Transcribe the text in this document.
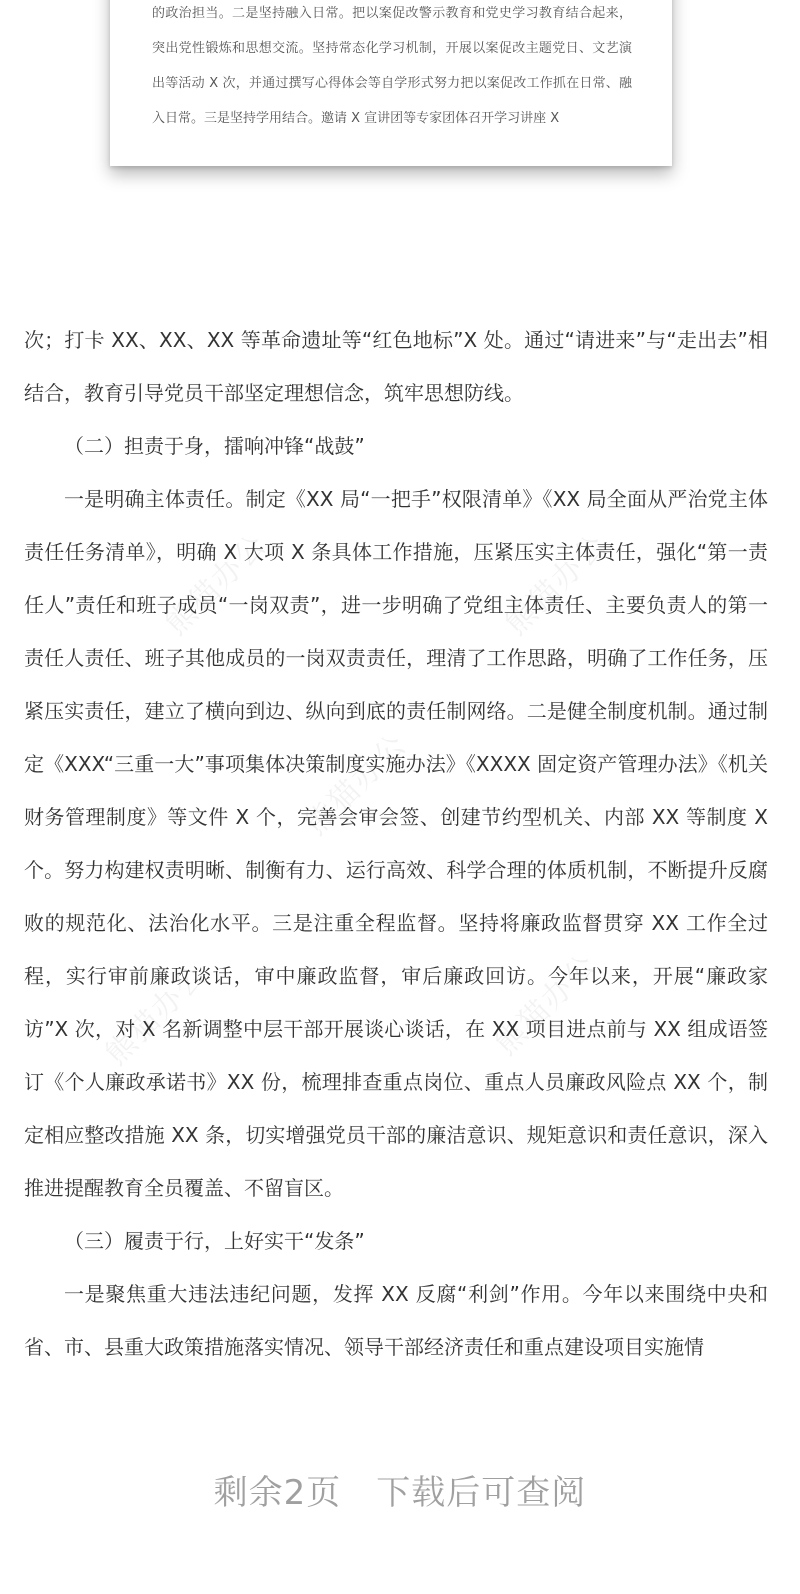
的政治担当。二是坚持融入日常。把以案促改警示教育和党史学习教育结合起来，突出党性锻炼和思想交流。坚持常态化学习机制，开展以案促改主题党日、文艺演出等活动 X 次，并通过撰写心得体会等自学形式努力把以案促改工作抓在日常、融入日常。三是坚持学用结合。邀请 X 宣讲团等专家团体召开学习讲座 X

次；打卡 XX、XX、XX 等革命遗址等“红色地标”X 处。通过“请进来”与“走出去”相结合，教育引导党员干部坚定理想信念，筑牢思想防线。

（二）担责于身，擂响冲锋“战鼓”

一是明确主体责任。制定《XX 局“一把手”权限清单》《XX 局全面从严治党主体责任任务清单》，明确 X 大项 X 条具体工作措施，压紧压实主体责任，强化“第一责任人”责任和班子成员“一岗双责”，进一步明确了党组主体责任、主要负责人的第一责任人责任、班子其他成员的一岗双责责任，理清了工作思路，明确了工作任务，压紧压实责任，建立了横向到边、纵向到底的责任制网络。二是健全制度机制。通过制定《XXX“三重一大”事项集体决策制度实施办法》《XXXX 固定资产管理办法》《机关财务管理制度》等文件 X 个，完善会审会签、创建节约型机关、内部 XX 等制度 X 个。努力构建权责明晰、制衡有力、运行高效、科学合理的体质机制，不断提升反腐败的规范化、法治化水平。三是注重全程监督。坚持将廉政监督贯穿 XX 工作全过程，实行审前廉政谈话，审中廉政监督，审后廉政回访。今年以来，开展“廉政家访”X 次，对 X 名新调整中层干部开展谈心谈话，在 XX 项目进点前与 XX 组成语签订《个人廉政承诺书》XX 份，梳理排查重点岗位、重点人员廉政风险点 XX 个，制定相应整改措施 XX 条，切实增强党员干部的廉洁意识、规矩意识和责任意识，深入推进提醒教育全员覆盖、不留盲区。

（三）履责于行，上好实干“发条”

一是聚焦重大违法违纪问题，发挥 XX 反腐“利剑”作用。今年以来围绕中央和省、市、县重大政策措施落实情况、领导干部经济责任和重点建设项目实施情

熊猫办公	熊猫办公
熊猫办公
熊猫办公	熊猫办公
剩余2页　下载后可查阅
